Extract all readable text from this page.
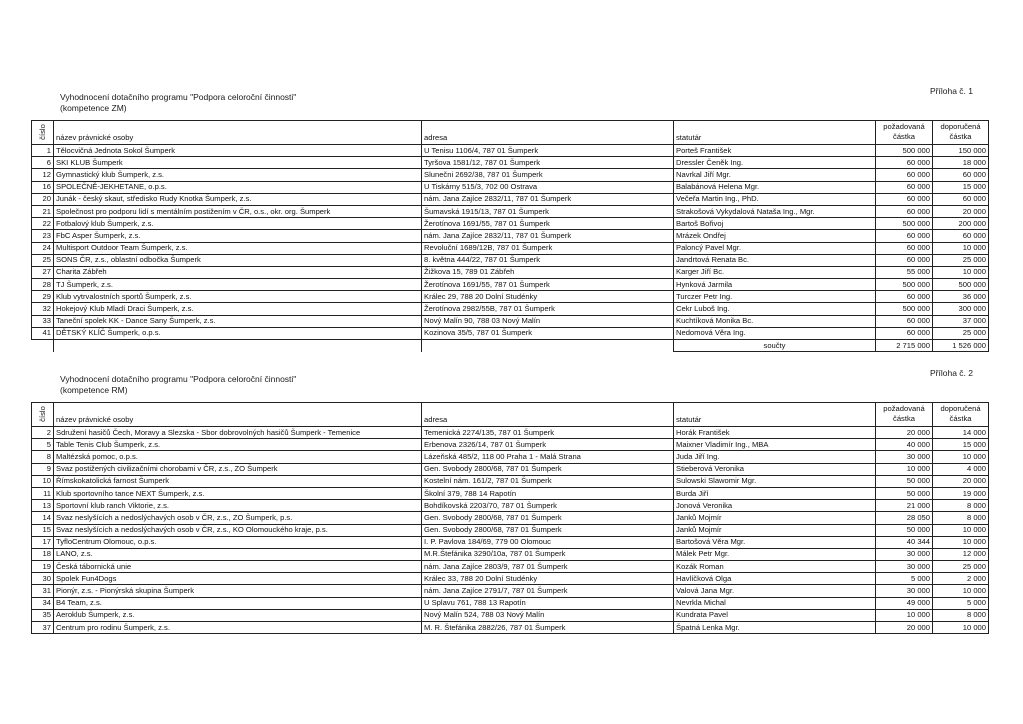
Vyhodnocení dotačního programu "Podpora celoroční činnosti"
(kompetence ZM)
Příloha č. 1
číslo	název právnické osoby	adresa	statutár	požadovaná částka	doporučená částka
1	Tělocvičná Jednota Sokol Šumperk	U Tenisu 1106/4, 787 01 Šumperk	Porteš František	500 000	150 000
6	SKI KLUB Šumperk	Tyršova 1581/12, 787 01 Šumperk	Dressler Čeněk Ing.	60 000	18 000
12	Gymnastický klub Šumperk, z.s.	Slunečni 2692/38, 787 01 Šumperk	Navrkal Jiří Mgr.	60 000	60 000
16	SPOLEČNĚ-JEKHETANE, o.p.s.	U Tiskárny 515/3, 702 00 Ostrava	Balabánová Helena Mgr.	60 000	15 000
20	Junák - český skaut, středisko Rudy Knotka Šumperk, z.s.	nám. Jana Zajíce 2832/11, 787 01 Šumperk	Večeřa Martin Ing., PhD.	60 000	60 000
21	Společnost pro podporu lidí s mentálním postižením v ČR, o.s., okr. org. Šumperk	Šumavská 1915/13, 787 01 Šumperk	Strakošová Vykydalová Nataša Ing., Mgr.	60 000	20 000
22	Fotbalový klub Šumperk, z.s.	Žerotínova 1691/55, 787 01 Šumperk	Bartoš Bořivoj	500 000	200 000
23	FbC Asper Šumperk, z.s.	nám. Jana Zajíce 2832/11, 787 01 Šumperk	Mrázek Ondřej	60 000	60 000
24	Multisport Outdoor Team Šumperk, z.s.	Revoluční 1689/12B, 787 01 Šumperk	Paloncý Pavel Mgr.	60 000	10 000
25	SONS ČR, z.s., oblastní odbočka Šumperk	8. května 444/22, 787 01 Šumperk	Jandrtová Renata Bc.	60 000	25 000
27	Charita Zábřeh	Žižkova 15, 789 01 Zábřeh	Karger Jiří Bc.	55 000	10 000
28	TJ Šumperk, z.s.	Žerotínova 1691/55, 787 01 Šumperk	Hynková Jarmila	500 000	500 000
29	Klub vytrvalostních sportů Šumperk, z.s.	Králec 29, 788 20 Dolní Studénky	Turczer Petr Ing.	60 000	36 000
32	Hokejový Klub Mladí Draci Šumperk, z.s.	Žerotínova 2982/55B, 787 01 Šumperk	Cekr Luboš Ing.	500 000	300 000
33	Taneční spolek KK - Dance Sany Šumperk, z.s.	Nový Malín 90, 788 03 Nový Malín	Kuchtíková Monika Bc.	60 000	37 000
41	DĚTSKÝ KLÍČ Šumperk, o.p.s.	Kozinova 35/5, 787 01 Šumperk	Nedomová Věra Ing.	60 000	25 000
			součty	2 715 000	1 526 000
Vyhodnocení dotačního programu "Podpora celoroční činnosti"
(kompetence RM)
Příloha č. 2
číslo	název právnické osoby	adresa	statutár	požadovaná částka	doporučená částka
2	Sdružení hasičů Čech, Moravy a Slezska - Sbor dobrovolných hasičů Šumperk - Temenice	Temenická 2274/135, 787 01 Šumperk	Horák František	20 000	14 000
5	Table Tenis Club Šumperk, z.s.	Erbenova 2326/14, 787 01 Šumperk	Maixner Vladimír Ing., MBA	40 000	15 000
8	Maltézská pomoc, o.p.s.	Lázeňská 485/2, 118 00 Praha 1 - Malá Strana	Juda Jiří Ing.	30 000	10 000
9	Svaz postižených civilizačními chorobami v ČR, z.s., ZO Šumperk	Gen. Svobody 2800/68, 787 01 Šumperk	Stieberová Veronika	10 000	4 000
10	Římskokatolická farnost Šumperk	Kostelní nám. 161/2, 787 01 Šumperk	Sulowski Slawomir Mgr.	50 000	20 000
11	Klub sportovního tance NEXT Šumperk, z.s.	Školní 379, 788 14 Rapotín	Burda Jiří	50 000	19 000
13	Sportovní klub ranch Viktorie, z.s.	Bohdíkovská 2203/70, 787 01 Šumperk	Jonová Veronika	21 000	8 000
14	Svaz neslyšících a nedoslýchavých osob v ČR, z.s., ZO Šumperk, p.s.	Gen. Svobody 2800/68, 787 01 Šumperk	Janků Mojmír	28 050	8 000
15	Svaz neslyšících a nedoslýchavých osob v ČR, z.s., KO Olomouckého kraje, p.s.	Gen. Svobody 2800/68, 787 01 Šumperk	Janků Mojmír	50 000	10 000
17	TyfloCentrum Olomouc, o.p.s.	I. P. Pavlova 184/69, 779 00 Olomouc	Bartošová Věra Mgr.	40 344	10 000
18	LANO, z.s.	M.R.Štefánika 3290/10a, 787 01 Šumperk	Málek Petr Mgr.	30 000	12 000
19	Česká tábornická unie	nám. Jana Zajíce 2803/9, 787 01 Šumperk	Kozák Roman	30 000	25 000
30	Spolek Fun4Dogs	Králec 33, 788 20 Dolní Studénky	Havlíčková Olga	5 000	2 000
31	Pionýr, z.s. - Pionýrská skupina Šumperk	nám. Jana Zajíce 2791/7, 787 01 Šumperk	Valová Jana Mgr.	30 000	10 000
34	B4 Team, z.s.	U Splavu 761, 788 13 Rapotín	Nevrkla Michal	49 000	5 000
35	Aeroklub Šumperk, z.s.	Nový Malín 524, 788 03 Nový Malín	Kundrata Pavel	10 000	8 000
37	Centrum pro rodinu Šumperk, z.s.	M. R. Štefánika 2882/26, 787 01 Šumperk	Špatná Lenka Mgr.	20 000	10 000
